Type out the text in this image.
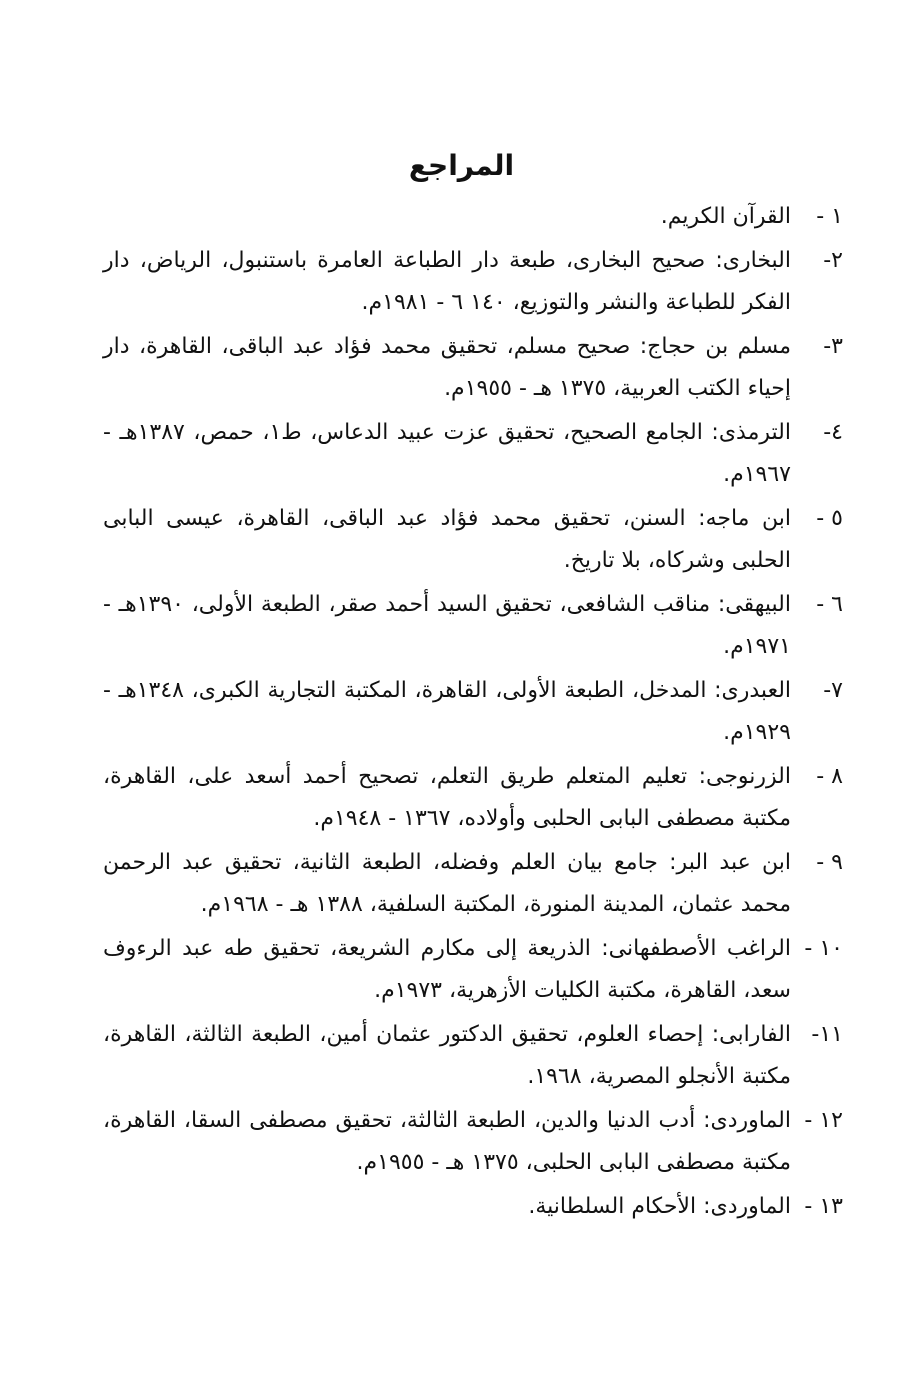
المراجع
١ -
القرآن الكريم.
٢-
البخارى: صحيح البخارى، طبعة دار الطباعة العامرة باستنبول، الرياض، دار الفكر للطباعة والنشر والتوزيع، ١٤٠ ٦ - ١٩٨١م.
٣-
مسلم بن حجاج: صحيح مسلم، تحقيق محمد فؤاد عبد الباقى، القاهرة، دار إحياء الكتب العربية، ١٣٧٥ هـ - ١٩٥٥م.
٤-
الترمذى: الجامع الصحيح، تحقيق عزت عبيد الدعاس، ط١، حمص، ١٣٨٧هـ - ١٩٦٧م.
٥ -
ابن ماجه: السنن، تحقيق محمد فؤاد عبد الباقى، القاهرة، عيسى البابى الحلبى وشركاه، بلا تاريخ.
٦ -
البيهقى: مناقب الشافعى، تحقيق السيد أحمد صقر، الطبعة الأولى، ١٣٩٠هـ - ١٩٧١م.
٧-
العبدرى: المدخل، الطبعة الأولى، القاهرة، المكتبة التجارية الكبرى، ١٣٤٨هـ - ١٩٢٩م.
٨ -
الزرنوجى: تعليم المتعلم طريق التعلم، تصحيح أحمد أسعد على، القاهرة، مكتبة مصطفى البابى الحلبى وأولاده، ١٣٦٧ - ١٩٤٨م.
٩ -
ابن عبد البر: جامع بيان العلم وفضله، الطبعة الثانية، تحقيق عبد الرحمن محمد عثمان، المدينة المنورة، المكتبة السلفية، ١٣٨٨ هـ - ١٩٦٨م.
١٠ -
الراغب الأصطفهانى: الذريعة إلى مكارم الشريعة، تحقيق طه عبد الرءوف سعد، القاهرة، مكتبة الكليات الأزهرية، ١٩٧٣م.
١١-
الفارابى: إحصاء العلوم، تحقيق الدكتور عثمان أمين، الطبعة الثالثة، القاهرة، مكتبة الأنجلو المصرية، ١٩٦٨.
١٢ -
الماوردى: أدب الدنيا والدين، الطبعة الثالثة، تحقيق مصطفى السقا، القاهرة، مكتبة مصطفى البابى الحلبى، ١٣٧٥ هـ - ١٩٥٥م.
١٣ -
الماوردى: الأحكام السلطانية.
